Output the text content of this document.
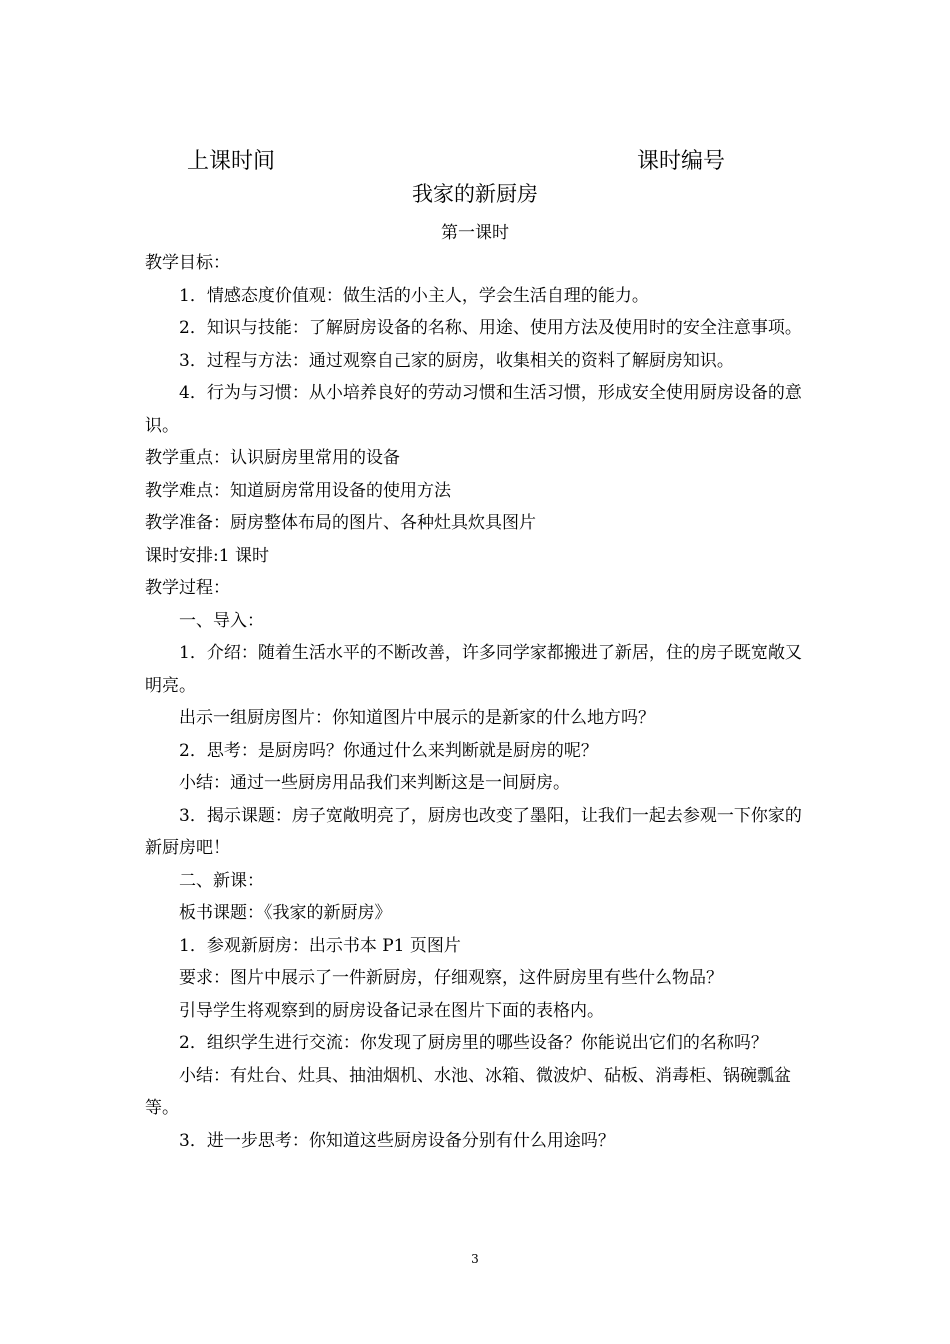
上课时间	课时编号
我家的新厨房
第一课时

教学目标：

1．情感态度价值观：做生活的小主人，学会生活自理的能力。

2．知识与技能：了解厨房设备的名称、用途、使用方法及使用时的安全注意事项。

3．过程与方法：通过观察自己家的厨房，收集相关的资料了解厨房知识。

4．行为与习惯：从小培养良好的劳动习惯和生活习惯，形成安全使用厨房设备的意识。

教学重点：认识厨房里常用的设备

教学难点：知道厨房常用设备的使用方法

教学准备：厨房整体布局的图片、各种灶具炊具图片

课时安排:1 课时

教学过程：

一、导入：

1．介绍：随着生活水平的不断改善，许多同学家都搬进了新居，住的房子既宽敞又明亮。

出示一组厨房图片：你知道图片中展示的是新家的什么地方吗？

2．思考：是厨房吗？你通过什么来判断就是厨房的呢？

小结：通过一些厨房用品我们来判断这是一间厨房。

3．揭示课题：房子宽敞明亮了，厨房也改变了墨阳，让我们一起去参观一下你家的新厨房吧！

二、新课：

板书课题：《我家的新厨房》

1．参观新厨房：出示书本 P1 页图片

要求：图片中展示了一件新厨房，仔细观察，这件厨房里有些什么物品？

引导学生将观察到的厨房设备记录在图片下面的表格内。

2．组织学生进行交流：你发现了厨房里的哪些设备？你能说出它们的名称吗？

小结：有灶台、灶具、抽油烟机、水池、冰箱、微波炉、砧板、消毒柜、锅碗瓢盆等。

3．进一步思考：你知道这些厨房设备分别有什么用途吗？

3
